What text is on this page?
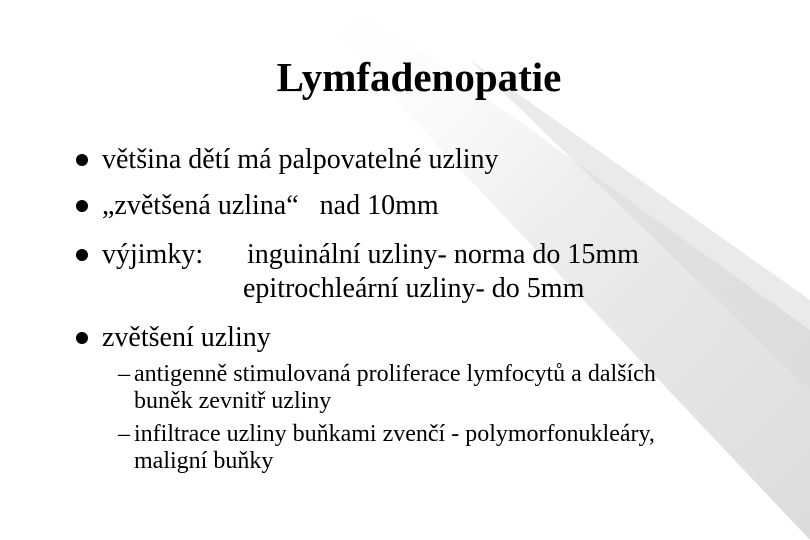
Lymfadenopatie
většina dětí má palpovatelné uzliny
„zvětšená uzlina“   nad 10mm
výjimky: inguinální uzliny- norma do 15mm
epitrochleární uzliny- do 5mm
zvětšení uzliny
– antigenně stimulovaná proliferace lymfocytů a dalších
buněk zevnitř uzliny
– infiltrace uzliny buňkami zvenčí - polymorfonukleáry,
maligní buňky
